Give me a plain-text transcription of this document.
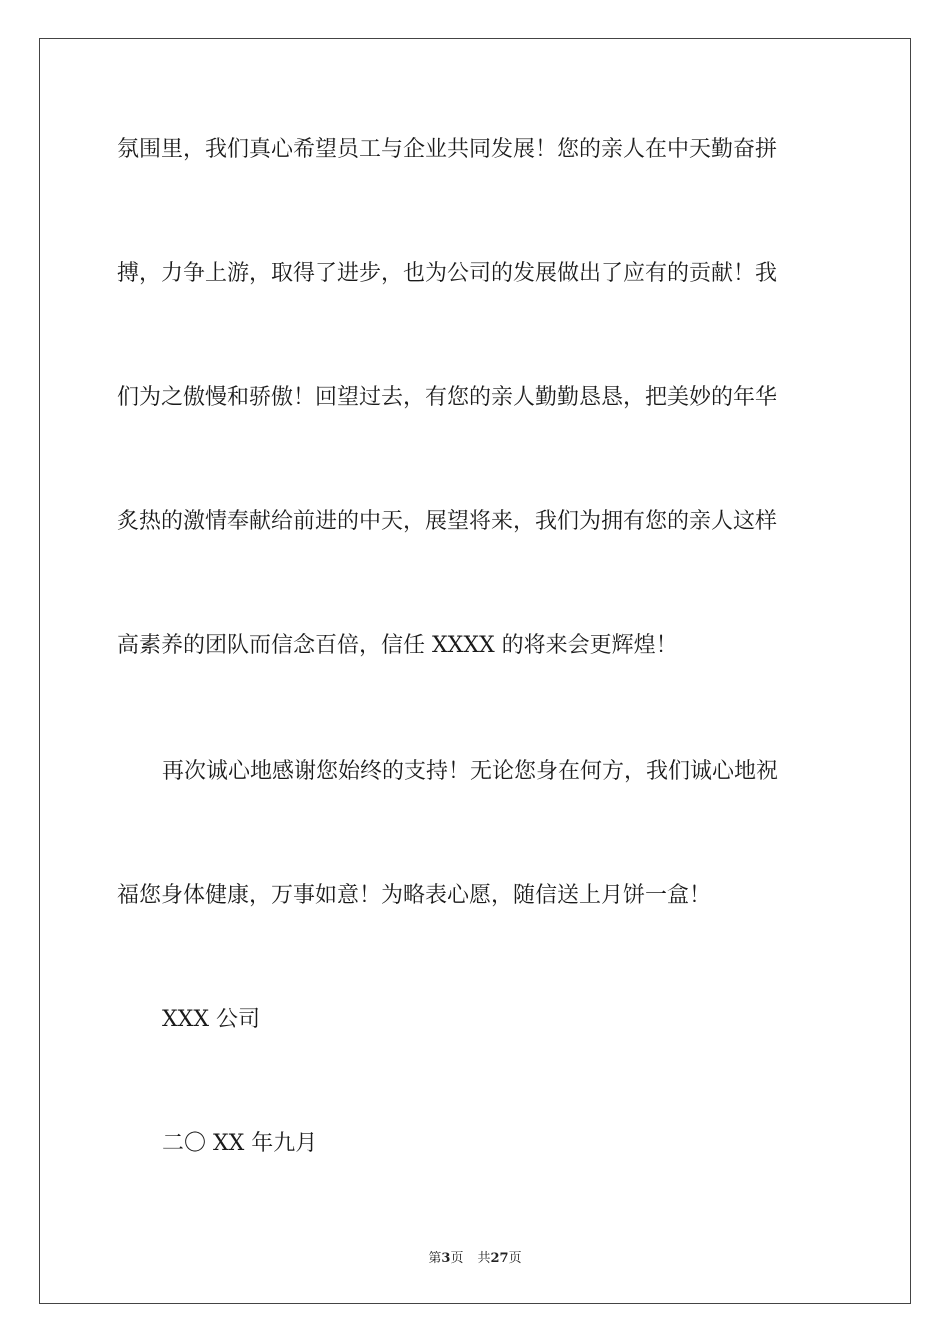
氛围里，我们真心希望员工与企业共同发展！您的亲人在中天勤奋拼
搏，力争上游，取得了进步，也为公司的发展做出了应有的贡献！我
们为之傲慢和骄傲！回望过去，有您的亲人勤勤恳恳，把美妙的年华
炙热的激情奉献给前进的中天，展望将来，我们为拥有您的亲人这样
高素养的团队而信念百倍，信任 XXXX 的将来会更辉煌！
再次诚心地感谢您始终的支持！无论您身在何方，我们诚心地祝
福您身体健康，万事如意！为略表心愿，随信送上月饼一盒！
XXX 公司
二〇 XX 年九月
第3页 共27页
